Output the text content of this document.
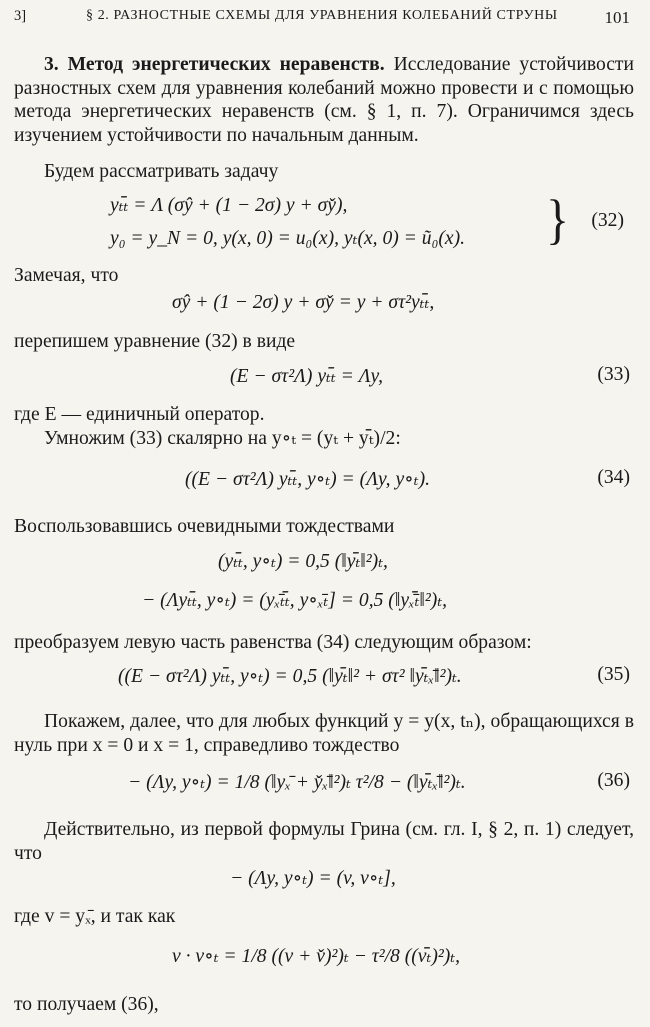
3]	§ 2. РАЗНОСТНЫЕ СХЕМЫ ДЛЯ УРАВНЕНИЯ КОЛЕБАНИЙ СТРУНЫ	101
3. Метод энергетических неравенств. Исследование устойчивости разностных схем для уравнения колебаний можно провести и с помощью метода энергетических неравенств (см. § 1, п. 7). Ограничимся здесь изучением устойчивости по начальным данным.
Будем рассматривать задачу
yₜₜ̄ = Λ (σŷ + (1 − 2σ) y + σy̌),
y₀ = y_N = 0, y(x, 0) = u₀(x), yₜ(x, 0) = ũ₀(x). } (32)
Замечая, что
σŷ + (1 − 2σ) y + σy̌ = y + στ²yₜₜ̄,
перепишем уравнение (32) в виде
(E − στ²Λ) yₜₜ̄ = Λy,	(33)
где E — единичный оператор.
Умножим (33) скалярно на y∘ₜ = (yₜ + yₜ̄)/2:
((E − στ²Λ) yₜₜ̄, y∘ₜ) = (Λy, y∘ₜ).	(34)
Воспользовавшись очевидными тождествами
(yₜₜ̄, y∘ₜ) = 0,5 (‖yₜ̄‖²)ₜ,
− (Λyₜₜ̄, y∘ₜ) = (yₓ̄ₜₜ̄, y∘ₓ̄ₜ] = 0,5 (‖yₓ̄ₜ̄‖²)ₜ,
преобразуем левую часть равенства (34) следующим образом:
((E − στ²Λ) yₜₜ̄, y∘ₜ) = 0,5 (‖yₜ̄‖² + στ² ‖yₜ̄ₓ̄‖²)ₜ.	(35)
Покажем, далее, что для любых функций y = y(x, tₙ), обращающихся в нуль при x = 0 и x = 1, справедливо тождество
− (Λy, y∘ₜ) = 1/8 (‖yₓ̄ + y̌ₓ̄‖²)ₜ τ²/8 − (‖yₜ̄ₓ̄‖²)ₜ.	(36)
Действительно, из первой формулы Грина (см. гл. I, § 2, п. 1) следует, что
− (Λy, y∘ₜ) = (v, v∘ₜ],
где v = yₓ̄, и так как
v · v∘ₜ = 1/8 ((v + v̌)²)ₜ − τ²/8 ((vₜ̄)²)ₜ,
то получаем (36),
